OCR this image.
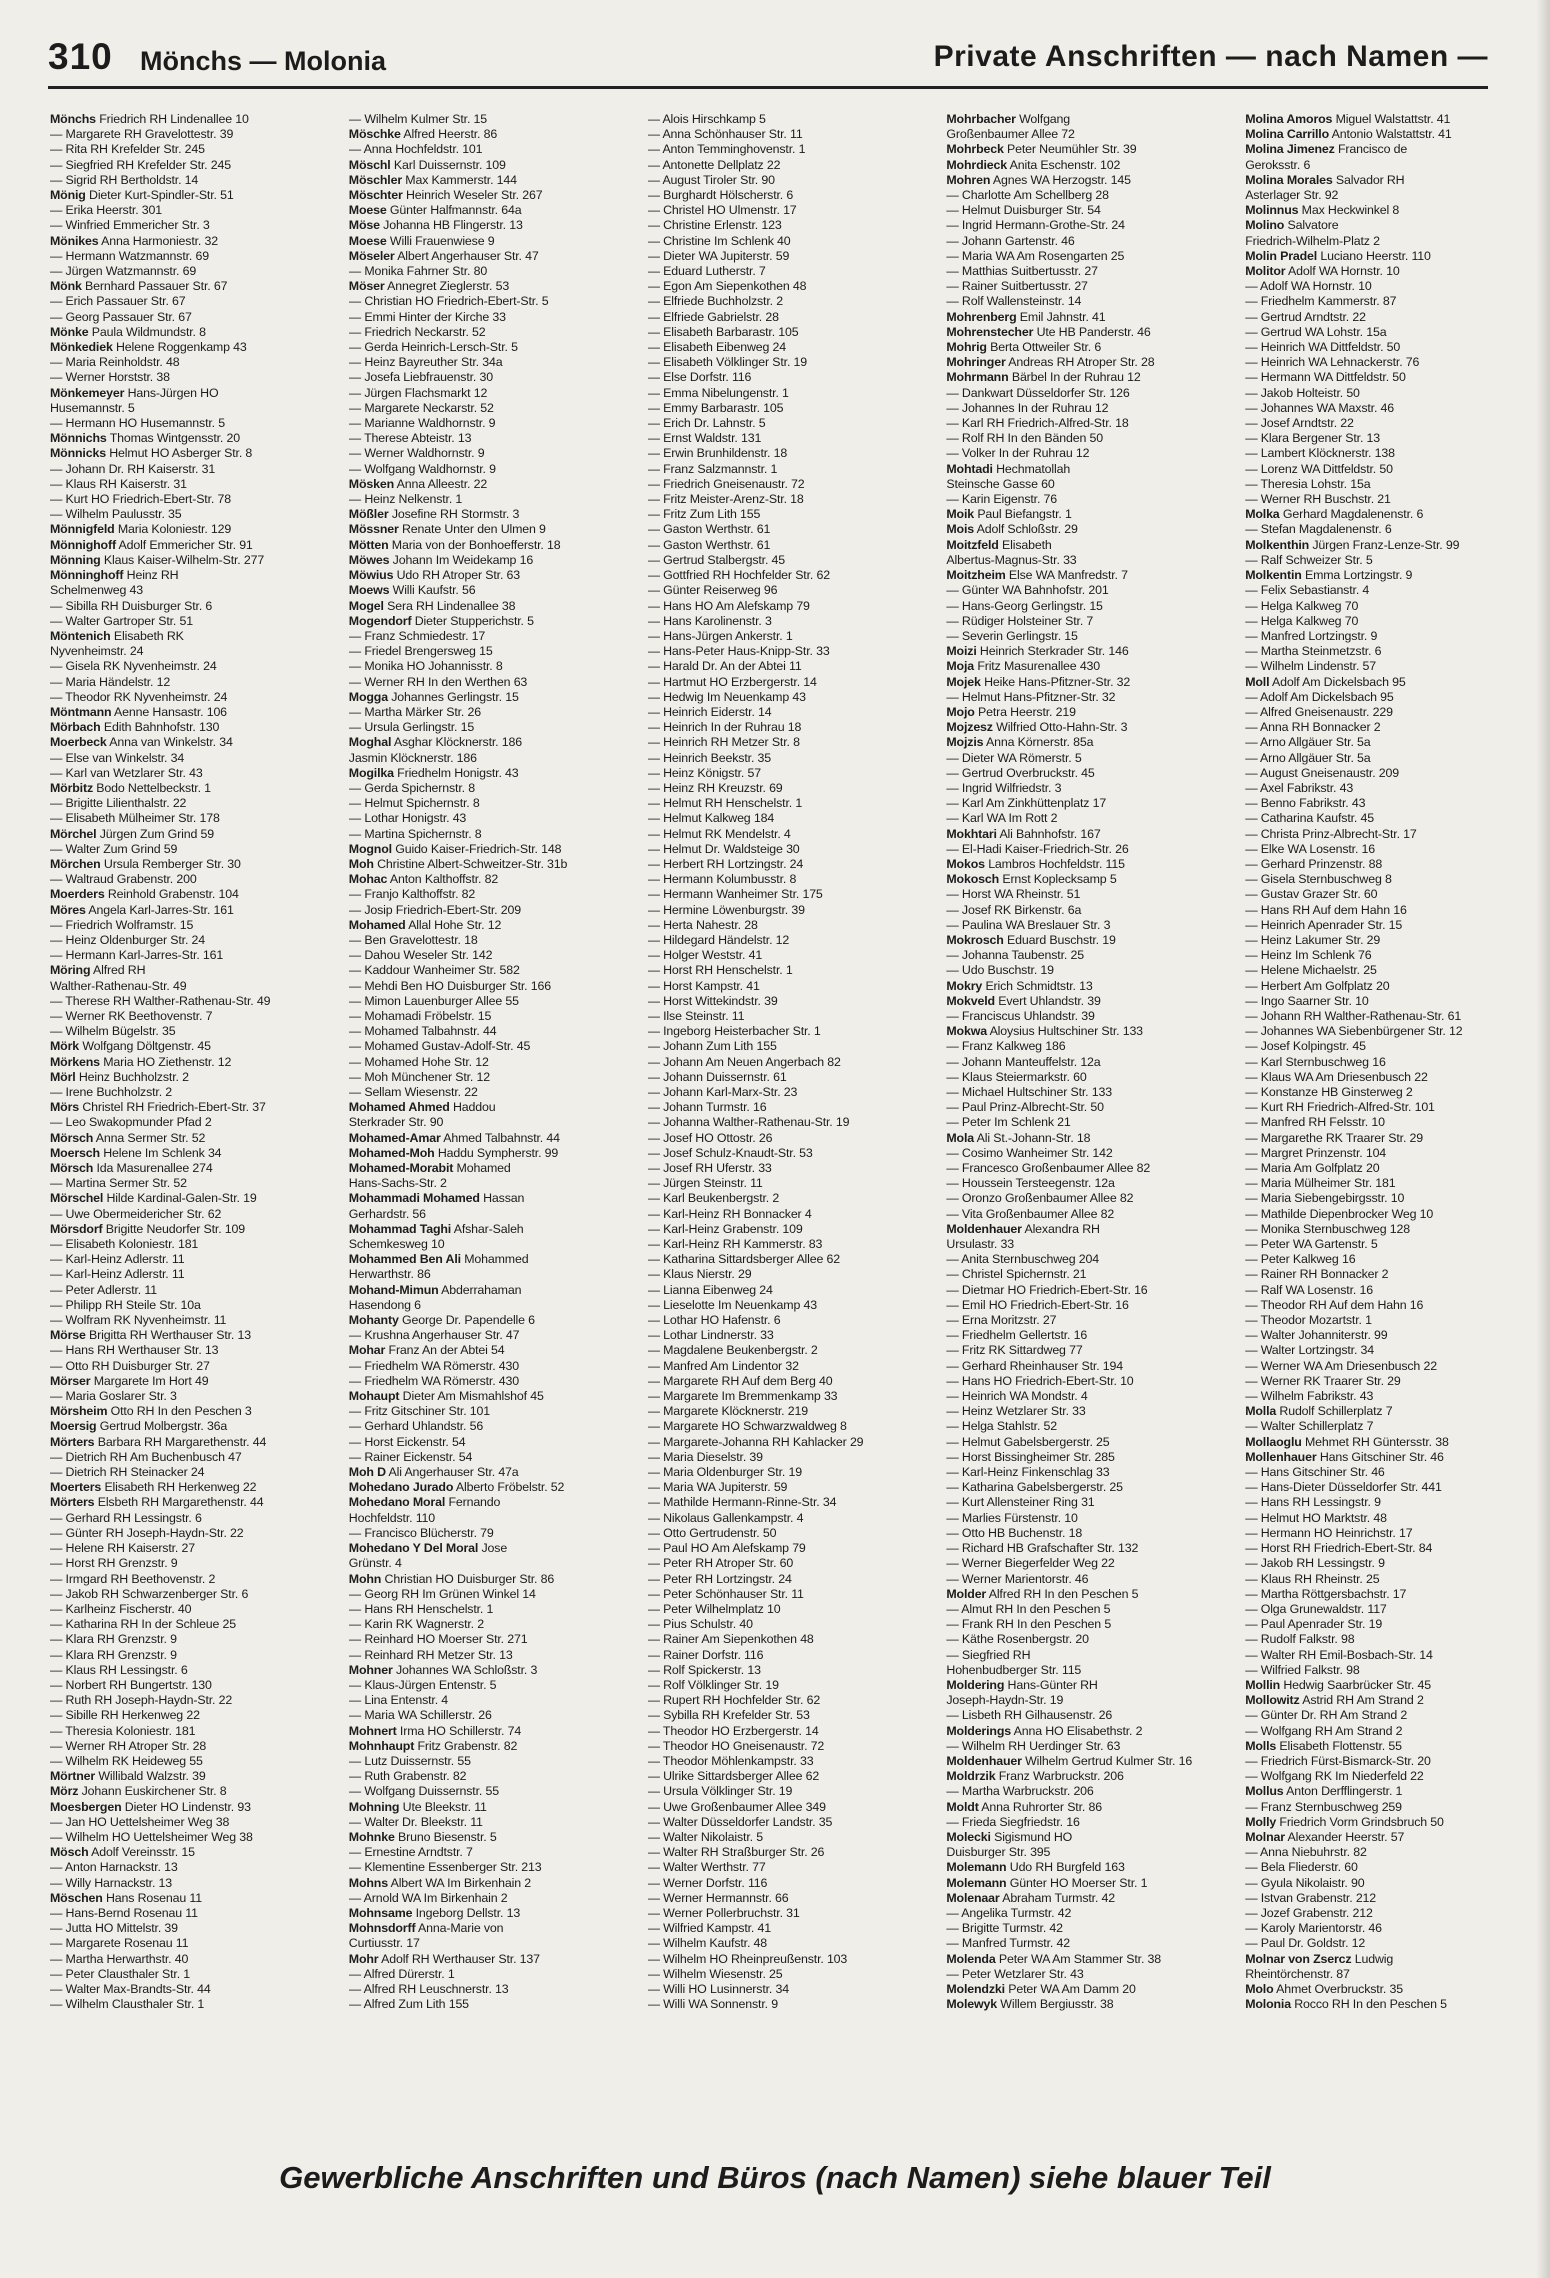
310 Mönchs — Molonia	Private Anschriften — nach Namen —
Mönchs Friedrich RH Lindenallee 10
— Margarete RH Gravelottestr. 39
— Rita RH Krefelder Str. 245
— Siegfried RH Krefelder Str. 245
— Sigrid RH Bertholdstr. 14
Mönig Dieter Kurt-Spindler-Str. 51
— Erika Heerstr. 301
— Winfried Emmericher Str. 3
Mönikes Anna Harmoniestr. 32
— Hermann Watzmannstr. 69
— Jürgen Watzmannstr. 69
Mönk Bernhard Passauer Str. 67
— Erich Passauer Str. 67
— Georg Passauer Str. 67
Mönke Paula Wildmundstr. 8
Mönkediek Helene Roggenkamp 43
— Maria Reinholdstr. 48
— Werner Horststr. 38
Mönkemeyer Hans-Jürgen HO
Husemannstr. 5
— Hermann HO Husemannstr. 5
Mönnichs Thomas Wintgensstr. 20
Mönnicks Helmut HO Asberger Str. 8
— Johann Dr. RH Kaiserstr. 31
— Klaus RH Kaiserstr. 31
— Kurt HO Friedrich-Ebert-Str. 78
— Wilhelm Paulusstr. 35
Mönnigfeld Maria Koloniestr. 129
Mönnighoff Adolf Emmericher Str. 91
Mönning Klaus Kaiser-Wilhelm-Str. 277
Mönninghoff Heinz RH
Schelmenweg 43
— Sibilla RH Duisburger Str. 6
— Walter Gartroper Str. 51
Möntenich Elisabeth RK
Nyvenheimstr. 24
— Gisela RK Nyvenheimstr. 24
— Maria Händelstr. 12
— Theodor RK Nyvenheimstr. 24
Möntmann Aenne Hansastr. 106
Mörbach Edith Bahnhofstr. 130
Moerbeck Anna van Winkelstr. 34
— Else van Winkelstr. 34
— Karl van Wetzlarer Str. 43
Mörbitz Bodo Nettelbeckstr. 1
— Brigitte Lilienthalstr. 22
— Elisabeth Mülheimer Str. 178
Mörchel Jürgen Zum Grind 59
— Walter Zum Grind 59
Mörchen Ursula Remberger Str. 30
— Waltraud Grabenstr. 200
Moerders Reinhold Grabenstr. 104
Möres Angela Karl-Jarres-Str. 161
— Friedrich Wolframstr. 15
— Heinz Oldenburger Str. 24
— Hermann Karl-Jarres-Str. 161
Möring Alfred RH
Walther-Rathenau-Str. 49
— Therese RH Walther-Rathenau-Str. 49
— Werner RK Beethovenstr. 7
— Wilhelm Bügelstr. 35
Mörk Wolfgang Döltgenstr. 45
Mörkens Maria HO Ziethenstr. 12
Mörl Heinz Buchholzstr. 2
— Irene Buchholzstr. 2
Mörs Christel RH Friedrich-Ebert-Str. 37
— Leo Swakopmunder Pfad 2
Mörsch Anna Sermer Str. 52
Moersch Helene Im Schlenk 34
Mörsch Ida Masurenallee 274
— Martina Sermer Str. 52
Mörschel Hilde Kardinal-Galen-Str. 19
— Uwe Obermeidericher Str. 62
Mörsdorf Brigitte Neudorfer Str. 109
— Elisabeth Koloniestr. 181
— Karl-Heinz Adlerstr. 11
— Karl-Heinz Adlerstr. 11
— Peter Adlerstr. 11
— Philipp RH Steile Str. 10a
— Wolfram RK Nyvenheimstr. 11
Mörse Brigitta RH Werthauser Str. 13
— Hans RH Werthauser Str. 13
— Otto RH Duisburger Str. 27
Mörser Margarete Im Hort 49
— Maria Goslarer Str. 3
Mörsheim Otto RH In den Peschen 3
Moersig Gertrud Molbergstr. 36a
Mörters Barbara RH Margarethenstr. 44
— Dietrich RH Am Buchenbusch 47
— Dietrich RH Steinacker 24
Moerters Elisabeth RH Herkenweg 22
Mörters Elsbeth RH Margarethenstr. 44
— Gerhard RH Lessingstr. 6
— Günter RH Joseph-Haydn-Str. 22
— Helene RH Kaiserstr. 27
— Horst RH Grenzstr. 9
— Irmgard RH Beethovenstr. 2
— Jakob RH Schwarzenberger Str. 6
— Karlheinz Fischerstr. 40
— Katharina RH In der Schleue 25
— Klara RH Grenzstr. 9
— Klara RH Grenzstr. 9
— Klaus RH Lessingstr. 6
— Norbert RH Bungertstr. 130
— Ruth RH Joseph-Haydn-Str. 22
— Sibille RH Herkenweg 22
— Theresia Koloniestr. 181
— Werner RH Atroper Str. 28
— Wilhelm RK Heideweg 55
Mörtner Willibald Walzstr. 39
Mörz Johann Euskirchener Str. 8
Moesbergen Dieter HO Lindenstr. 93
— Jan HO Uettelsheimer Weg 38
— Wilhelm HO Uettelsheimer Weg 38
Mösch Adolf Vereinsstr. 15
— Anton Harnackstr. 13
— Willy Harnackstr. 13
Möschen Hans Rosenau 11
— Hans-Bernd Rosenau 11
— Jutta HO Mittelstr. 39
— Margarete Rosenau 11
— Martha Herwarthstr. 40
— Peter Clausthaler Str. 1
— Walter Max-Brandts-Str. 44
— Wilhelm Clausthaler Str. 1
— Wilhelm Kulmer Str. 15
Möschke Alfred Heerstr. 86
— Anna Hochfeldstr. 101
Möschl Karl Duissernstr. 109
Möschler Max Kammerstr. 144
Möschter Heinrich Weseler Str. 267
Moese Günter Halfmannstr. 64a
Möse Johanna HB Flingerstr. 13
Moese Willi Frauenwiese 9
Möseler Albert Angerhauser Str. 47
— Monika Fahrner Str. 80
Möser Annegret Zieglerstr. 53
— Christian HO Friedrich-Ebert-Str. 5
— Emmi Hinter der Kirche 33
— Friedrich Neckarstr. 52
— Gerda Heinrich-Lersch-Str. 5
— Heinz Bayreuther Str. 34a
— Josefa Liebfrauenstr. 30
— Jürgen Flachsmarkt 12
— Margarete Neckarstr. 52
— Marianne Waldhornstr. 9
— Therese Abteistr. 13
— Werner Waldhornstr. 9
— Wolfgang Waldhornstr. 9
Mösken Anna Alleestr. 22
— Heinz Nelkenstr. 1
Mößler Josefine RH Stormstr. 3
Mössner Renate Unter den Ulmen 9
Mötten Maria von der Bonhoefferstr. 18
Möwes Johann Im Weidekamp 16
Möwius Udo RH Atroper Str. 63
Moews Willi Kaufstr. 56
Mogel Sera RH Lindenallee 38
Mogendorf Dieter Stupperichstr. 5
— Franz Schmiedestr. 17
— Friedel Brengersweg 15
— Monika HO Johannisstr. 8
— Werner RH In den Werthen 63
Mogga Johannes Gerlingstr. 15
— Martha Märker Str. 26
— Ursula Gerlingstr. 15
Moghal Asghar Klöcknerstr. 186
Jasmin Klöcknerstr. 186
Mogilka Friedhelm Honigstr. 43
— Gerda Spichernstr. 8
— Helmut Spichernstr. 8
— Lothar Honigstr. 43
— Martina Spichernstr. 8
Mognol Guido Kaiser-Friedrich-Str. 148
Moh Christine Albert-Schweitzer-Str. 31b
Mohac Anton Kalthoffstr. 82
— Franjo Kalthoffstr. 82
— Josip Friedrich-Ebert-Str. 209
Mohamed Allal Hohe Str. 12
— Ben Gravelottestr. 18
— Dahou Weseler Str. 142
— Kaddour Wanheimer Str. 582
— Mehdi Ben HO Duisburger Str. 166
— Mimon Lauenburger Allee 55
— Mohamadi Fröbelstr. 15
— Mohamed Talbahnstr. 44
— Mohamed Gustav-Adolf-Str. 45
— Mohamed Hohe Str. 12
— Moh Münchener Str. 12
— Sellam Wiesenstr. 22
Mohamed Ahmed Haddou
Sterkrader Str. 90
Mohamed-Amar Ahmed Talbahnstr. 44
Mohamed-Moh Haddu Sympherstr. 99
Mohamed-Morabit Mohamed
Hans-Sachs-Str. 2
Mohammadi Mohamed Hassan
Gerhardstr. 56
Mohammad Taghi Afshar-Saleh
Schemkesweg 10
Mohammed Ben Ali Mohammed
Herwarthstr. 86
Mohand-Mimun Abderrahaman
Hasendong 6
Mohanty George Dr. Papendelle 6
— Krushna Angerhauser Str. 47
Mohar Franz An der Abtei 54
— Friedhelm WA Römerstr. 430
— Friedhelm WA Römerstr. 430
Mohaupt Dieter Am Mismahlshof 45
— Fritz Gitschiner Str. 101
— Gerhard Uhlandstr. 56
— Horst Eickenstr. 54
— Rainer Eickenstr. 54
Moh D Ali Angerhauser Str. 47a
Mohedano Jurado Alberto Fröbelstr. 52
Mohedano Moral Fernando
Hochfeldstr. 110
— Francisco Blücherstr. 79
Mohedano Y Del Moral Jose
Grünstr. 4
Mohn Christian HO Duisburger Str. 86
— Georg RH Im Grünen Winkel 14
— Hans RH Henschelstr. 1
— Karin RK Wagnerstr. 2
— Reinhard HO Moerser Str. 271
— Reinhard RH Metzer Str. 13
Mohner Johannes WA Schloßstr. 3
— Klaus-Jürgen Entenstr. 5
— Lina Entenstr. 4
— Maria WA Schillerstr. 26
Mohnert Irma HO Schillerstr. 74
Mohnhaupt Fritz Grabenstr. 82
— Lutz Duissernstr. 55
— Ruth Grabenstr. 82
— Wolfgang Duissernstr. 55
Mohning Ute Bleekstr. 11
— Walter Dr. Bleekstr. 11
Mohnke Bruno Biesenstr. 5
— Ernestine Arndtstr. 7
— Klementine Essenberger Str. 213
Mohns Albert WA Im Birkenhain 2
— Arnold WA Im Birkenhain 2
Mohnsame Ingeborg Dellstr. 13
Mohnsdorff Anna-Marie von
Curtiusstr. 17
Mohr Adolf RH Werthauser Str. 137
— Alfred Dürerstr. 1
— Alfred RH Leuschnerstr. 13
— Alfred Zum Lith 155
— Alois Hirschkamp 5
— Anna Schönhauser Str. 11
— Anton Temminghovenstr. 1
— Antonette Dellplatz 22
— August Tiroler Str. 90
— Burghardt Hölscherstr. 6
— Christel HO Ulmenstr. 17
— Christine Erlenstr. 123
— Christine Im Schlenk 40
— Dieter WA Jupiterstr. 59
— Eduard Lutherstr. 7
— Egon Am Siepenkothen 48
— Elfriede Buchholzstr. 2
— Elfriede Gabrielstr. 28
— Elisabeth Barbarastr. 105
— Elisabeth Eibenweg 24
— Elisabeth Völklinger Str. 19
— Else Dorfstr. 116
— Emma Nibelungenstr. 1
— Emmy Barbarastr. 105
— Erich Dr. Lahnstr. 5
— Ernst Waldstr. 131
— Erwin Brunhildenstr. 18
— Franz Salzmannstr. 1
— Friedrich Gneisenaustr. 72
— Fritz Meister-Arenz-Str. 18
— Fritz Zum Lith 155
— Gaston Werthstr. 61
— Gaston Werthstr. 61
— Gertrud Stalbergstr. 45
— Gottfried RH Hochfelder Str. 62
— Günter Reiserweg 96
— Hans HO Am Alefskamp 79
— Hans Karolinenstr. 3
— Hans-Jürgen Ankerstr. 1
— Hans-Peter Haus-Knipp-Str. 33
— Harald Dr. An der Abtei 11
— Hartmut HO Erzbergerstr. 14
— Hedwig Im Neuenkamp 43
— Heinrich Eiderstr. 14
— Heinrich In der Ruhrau 18
— Heinrich RH Metzer Str. 8
— Heinrich Beekstr. 35
— Heinz Königstr. 57
— Heinz RH Kreuzstr. 69
— Helmut RH Henschelstr. 1
— Helmut Kalkweg 184
— Helmut RK Mendelstr. 4
— Helmut Dr. Waldsteige 30
— Herbert RH Lortzingstr. 24
— Hermann Kolumbusstr. 8
— Hermann Wanheimer Str. 175
— Hermine Löwenburgstr. 39
— Herta Nahestr. 28
— Hildegard Händelstr. 12
— Holger Weststr. 41
— Horst RH Henschelstr. 1
— Horst Kampstr. 41
— Horst Wittekindstr. 39
— Ilse Steinstr. 11
— Ingeborg Heisterbacher Str. 1
— Johann Zum Lith 155
— Johann Am Neuen Angerbach 82
— Johann Duissernstr. 61
— Johann Karl-Marx-Str. 23
— Johann Turmstr. 16
— Johanna Walther-Rathenau-Str. 19
— Josef HO Ottostr. 26
— Josef Schulz-Knaudt-Str. 53
— Josef RH Uferstr. 33
— Jürgen Steinstr. 11
— Karl Beukenbergstr. 2
— Karl-Heinz RH Bonnacker 4
— Karl-Heinz Grabenstr. 109
— Karl-Heinz RH Kammerstr. 83
— Katharina Sittardsberger Allee 62
— Klaus Nierstr. 29
— Lianna Eibenweg 24
— Lieselotte Im Neuenkamp 43
— Lothar HO Hafenstr. 6
— Lothar Lindnerstr. 33
— Magdalene Beukenbergstr. 2
— Manfred Am Lindentor 32
— Margarete RH Auf dem Berg 40
— Margarete Im Bremmenkamp 33
— Margarete Klöcknerstr. 219
— Margarete HO Schwarzwaldweg 8
— Margarete-Johanna RH Kahlacker 29
— Maria Dieselstr. 39
— Maria Oldenburger Str. 19
— Maria WA Jupiterstr. 59
— Mathilde Hermann-Rinne-Str. 34
— Nikolaus Gallenkampstr. 4
— Otto Gertrudenstr. 50
— Paul HO Am Alefskamp 79
— Peter RH Atroper Str. 60
— Peter RH Lortzingstr. 24
— Peter Schönhauser Str. 11
— Peter Wilhelmplatz 10
— Pius Schulstr. 40
— Rainer Am Siepenkothen 48
— Rainer Dorfstr. 116
— Rolf Spickerstr. 13
— Rolf Völklinger Str. 19
— Rupert RH Hochfelder Str. 62
— Sybilla RH Krefelder Str. 53
— Theodor HO Erzbergerstr. 14
— Theodor HO Gneisenaustr. 72
— Theodor Möhlenkampstr. 33
— Ulrike Sittardsberger Allee 62
— Ursula Völklinger Str. 19
— Uwe Großenbaumer Allee 349
— Walter Düsseldorfer Landstr. 35
— Walter Nikolaistr. 5
— Walter RH Straßburger Str. 26
— Walter Werthstr. 77
— Werner Dorfstr. 116
— Werner Hermannstr. 66
— Werner Pollerbruchstr. 31
— Wilfried Kampstr. 41
— Wilhelm Kaufstr. 48
— Wilhelm HO Rheinpreußenstr. 103
— Wilhelm Wiesenstr. 25
— Willi HO Lusinnerstr. 34
— Willi WA Sonnenstr. 9
Mohrbacher Wolfgang
Großenbaumer Allee 72
Mohrbeck Peter Neumühler Str. 39
Mohrdieck Anita Eschenstr. 102
Mohren Agnes WA Herzogstr. 145
— Charlotte Am Schellberg 28
— Helmut Duisburger Str. 54
— Ingrid Hermann-Grothe-Str. 24
— Johann Gartenstr. 46
— Maria WA Am Rosengarten 25
— Matthias Suitbertusstr. 27
— Rainer Suitbertusstr. 27
— Rolf Wallensteinstr. 14
Mohrenberg Emil Jahnstr. 41
Mohrenstecher Ute HB Panderstr. 46
Mohrig Berta Ottweiler Str. 6
Mohringer Andreas RH Atroper Str. 28
Mohrmann Bärbel In der Ruhrau 12
— Dankwart Düsseldorfer Str. 126
— Johannes In der Ruhrau 12
— Karl RH Friedrich-Alfred-Str. 18
— Rolf RH In den Bänden 50
— Volker In der Ruhrau 12
Mohtadi Hechmatollah
Steinsche Gasse 60
— Karin Eigenstr. 76
Moik Paul Biefangstr. 1
Mois Adolf Schloßstr. 29
Moitzfeld Elisabeth
Albertus-Magnus-Str. 33
Moitzheim Else WA Manfredstr. 7
— Günter WA Bahnhofstr. 201
— Hans-Georg Gerlingstr. 15
— Rüdiger Holsteiner Str. 7
— Severin Gerlingstr. 15
Moizi Heinrich Sterkrader Str. 146
Moja Fritz Masurenallee 430
Mojek Heike Hans-Pfitzner-Str. 32
— Helmut Hans-Pfitzner-Str. 32
Mojo Petra Heerstr. 219
Mojzesz Wilfried Otto-Hahn-Str. 3
Mojzis Anna Körnerstr. 85a
— Dieter WA Römerstr. 5
— Gertrud Overbruckstr. 45
— Ingrid Wilfriedstr. 3
— Karl Am Zinkhüttenplatz 17
— Karl WA Im Rott 2
Mokhtari Ali Bahnhofstr. 167
— El-Hadi Kaiser-Friedrich-Str. 26
Mokos Lambros Hochfeldstr. 115
Mokosch Ernst Koplecksamp 5
— Horst WA Rheinstr. 51
— Josef RK Birkenstr. 6a
— Paulina WA Breslauer Str. 3
Mokrosch Eduard Buschstr. 19
— Johanna Taubenstr. 25
— Udo Buschstr. 19
Mokry Erich Schmidtstr. 13
Mokveld Evert Uhlandstr. 39
— Franciscus Uhlandstr. 39
Mokwa Aloysius Hultschiner Str. 133
— Franz Kalkweg 186
— Johann Manteuffelstr. 12a
— Klaus Steiermarkstr. 60
— Michael Hultschiner Str. 133
— Paul Prinz-Albrecht-Str. 50
— Peter Im Schlenk 21
Mola Ali St.-Johann-Str. 18
— Cosimo Wanheimer Str. 142
— Francesco Großenbaumer Allee 82
— Houssein Tersteegenstr. 12a
— Oronzo Großenbaumer Allee 82
— Vita Großenbaumer Allee 82
Moldenhauer Alexandra RH
Ursulastr. 33
— Anita Sternbuschweg 204
— Christel Spichernstr. 21
— Dietmar HO Friedrich-Ebert-Str. 16
— Emil HO Friedrich-Ebert-Str. 16
— Erna Moritzstr. 27
— Friedhelm Gellertstr. 16
— Fritz RK Sittardweg 77
— Gerhard Rheinhauser Str. 194
— Hans HO Friedrich-Ebert-Str. 10
— Heinrich WA Mondstr. 4
— Heinz Wetzlarer Str. 33
— Helga Stahlstr. 52
— Helmut Gabelsbergerstr. 25
— Horst Bissingheimer Str. 285
— Karl-Heinz Finkenschlag 33
— Katharina Gabelsbergerstr. 25
— Kurt Allensteiner Ring 31
— Marlies Fürstenstr. 10
— Otto HB Buchenstr. 18
— Richard HB Grafschafter Str. 132
— Werner Biegerfelder Weg 22
— Werner Marientorstr. 46
Molder Alfred RH In den Peschen 5
— Almut RH In den Peschen 5
— Frank RH In den Peschen 5
— Käthe Rosenbergstr. 20
— Siegfried RH
Hohenbudberger Str. 115
Moldering Hans-Günter RH
Joseph-Haydn-Str. 19
— Lisbeth RH Gilhausenstr. 26
Molderings Anna HO Elisabethstr. 2
— Wilhelm RH Uerdinger Str. 63
Moldenhauer Wilhelm Gertrud Kulmer Str. 16
Moldrzik Franz Warbruckstr. 206
— Martha Warbruckstr. 206
Moldt Anna Ruhrorter Str. 86
— Frieda Siegfriedstr. 16
Molecki Sigismund HO
Duisburger Str. 395
Molemann Udo RH Burgfeld 163
Molemann Günter HO Moerser Str. 1
Molenaar Abraham Turmstr. 42
— Angelika Turmstr. 42
— Brigitte Turmstr. 42
— Manfred Turmstr. 42
Molenda Peter WA Am Stammer Str. 38
— Peter Wetzlarer Str. 43
Molendzki Peter WA Am Damm 20
Molewyk Willem Bergiusstr. 38
Molina Amoros Miguel Walstattstr. 41
Molina Carrillo Antonio Walstattstr. 41
Molina Jimenez Francisco de
Geroksstr. 6
Molina Morales Salvador RH
Asterlager Str. 92
Molinnus Max Heckwinkel 8
Molino Salvatore
Friedrich-Wilhelm-Platz 2
Molin Pradel Luciano Heerstr. 110
Molitor Adolf WA Hornstr. 10
— Adolf WA Hornstr. 10
— Friedhelm Kammerstr. 87
— Gertrud Arndtstr. 22
— Gertrud WA Lohstr. 15a
— Heinrich WA Dittfeldstr. 50
— Heinrich WA Lehnackerstr. 76
— Hermann WA Dittfeldstr. 50
— Jakob Holteistr. 50
— Johannes WA Maxstr. 46
— Josef Arndtstr. 22
— Klara Bergener Str. 13
— Lambert Klöcknerstr. 138
— Lorenz WA Dittfeldstr. 50
— Theresia Lohstr. 15a
— Werner RH Buschstr. 21
Molka Gerhard Magdalenenstr. 6
— Stefan Magdalenenstr. 6
Molkenthin Jürgen Franz-Lenze-Str. 99
— Ralf Schweizer Str. 5
Molkentin Emma Lortzingstr. 9
— Felix Sebastianstr. 4
— Helga Kalkweg 70
— Helga Kalkweg 70
— Manfred Lortzingstr. 9
— Martha Steinmetzstr. 6
— Wilhelm Lindenstr. 57
Moll Adolf Am Dickelsbach 95
— Adolf Am Dickelsbach 95
— Alfred Gneisenaustr. 229
— Anna RH Bonnacker 2
— Arno Allgäuer Str. 5a
— Arno Allgäuer Str. 5a
— August Gneisenaustr. 209
— Axel Fabrikstr. 43
— Benno Fabrikstr. 43
— Catharina Kaufstr. 45
— Christa Prinz-Albrecht-Str. 17
— Elke WA Losenstr. 16
— Gerhard Prinzenstr. 88
— Gisela Sternbuschweg 8
— Gustav Grazer Str. 60
— Hans RH Auf dem Hahn 16
— Heinrich Apenrader Str. 15
— Heinz Lakumer Str. 29
— Heinz Im Schlenk 76
— Helene Michaelstr. 25
— Herbert Am Golfplatz 20
— Ingo Saarner Str. 10
— Johann RH Walther-Rathenau-Str. 61
— Johannes WA Siebenbürgener Str. 12
— Josef Kolpingstr. 45
— Karl Sternbuschweg 16
— Klaus WA Am Driesenbusch 22
— Konstanze HB Ginsterweg 2
— Kurt RH Friedrich-Alfred-Str. 101
— Manfred RH Felsstr. 10
— Margarethe RK Traarer Str. 29
— Margret Prinzenstr. 104
— Maria Am Golfplatz 20
— Maria Mülheimer Str. 181
— Maria Siebengebirgsstr. 10
— Mathilde Diepenbrocker Weg 10
— Monika Sternbuschweg 128
— Peter WA Gartenstr. 5
— Peter Kalkweg 16
— Rainer RH Bonnacker 2
— Ralf WA Losenstr. 16
— Theodor RH Auf dem Hahn 16
— Theodor Mozartstr. 1
— Walter Johanniterstr. 99
— Walter Lortzingstr. 34
— Werner WA Am Driesenbusch 22
— Werner RK Traarer Str. 29
— Wilhelm Fabrikstr. 43
Molla Rudolf Schillerplatz 7
— Walter Schillerplatz 7
Mollaoglu Mehmet RH Güntersstr. 38
Mollenhauer Hans Gitschiner Str. 46
— Hans Gitschiner Str. 46
— Hans-Dieter Düsseldorfer Str. 441
— Hans RH Lessingstr. 9
— Helmut HO Marktstr. 48
— Hermann HO Heinrichstr. 17
— Horst RH Friedrich-Ebert-Str. 84
— Jakob RH Lessingstr. 9
— Klaus RH Rheinstr. 25
— Martha Röttgersbachstr. 17
— Olga Grunewaldstr. 117
— Paul Apenrader Str. 19
— Rudolf Falkstr. 98
— Walter RH Emil-Bosbach-Str. 14
— Wilfried Falkstr. 98
Mollin Hedwig Saarbrücker Str. 45
Mollowitz Astrid RH Am Strand 2
— Günter Dr. RH Am Strand 2
— Wolfgang RH Am Strand 2
Molls Elisabeth Flottenstr. 55
— Friedrich Fürst-Bismarck-Str. 20
— Wolfgang RK Im Niederfeld 22
Mollus Anton Derfflingerstr. 1
— Franz Sternbuschweg 259
Molly Friedrich Vorm Grindsbruch 50
Molnar Alexander Heerstr. 57
— Anna Niebuhrstr. 82
— Bela Fliederstr. 60
— Gyula Nikolaistr. 90
— Istvan Grabenstr. 212
— Jozef Grabenstr. 212
— Karoly Marientorstr. 46
— Paul Dr. Goldstr. 12
Molnar von Zsercz Ludwig
Rheintörchenstr. 87
Molo Ahmet Overbruckstr. 35
Molonia Rocco RH In den Peschen 5
Gewerbliche Anschriften und Büros (nach Namen) siehe blauer Teil
